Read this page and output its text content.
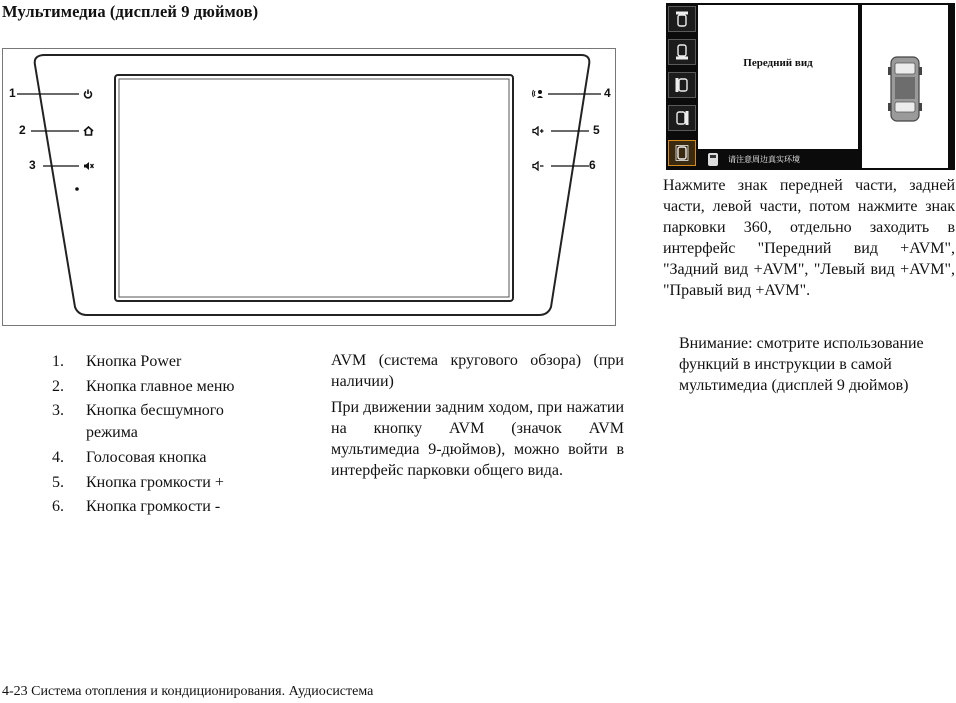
Мультимедиа (дисплей 9 дюймов)
1
2
3
4
5
6
1.	Кнопка Power
2.	Кнопка главное меню
3.	Кнопка бесшумного режима
4.	Голосовая кнопка
5.	Кнопка громкости +
6.	Кнопка громкости -

AVM (система кругового обзора) (при наличии)

При движении задним ходом, при нажатии на кнопку AVM (значок AVM мультимедиа 9-дюймов), можно войти в интерфейс парковки общего вида.

Передний вид
请注意周边真实环境
Нажмите знак передней части, задней части, левой части, потом нажмите знак парковки 360, отдельно заходить в интерфейс "Передний вид +AVM", "Задний вид +AVM", "Левый вид +AVM", "Правый вид +AVM".
Внимание: смотрите использование функций в инструкции в самой мультимедиа (дисплей 9 дюймов)
4-23 Система отопления и кондиционирования. Аудиосистема
